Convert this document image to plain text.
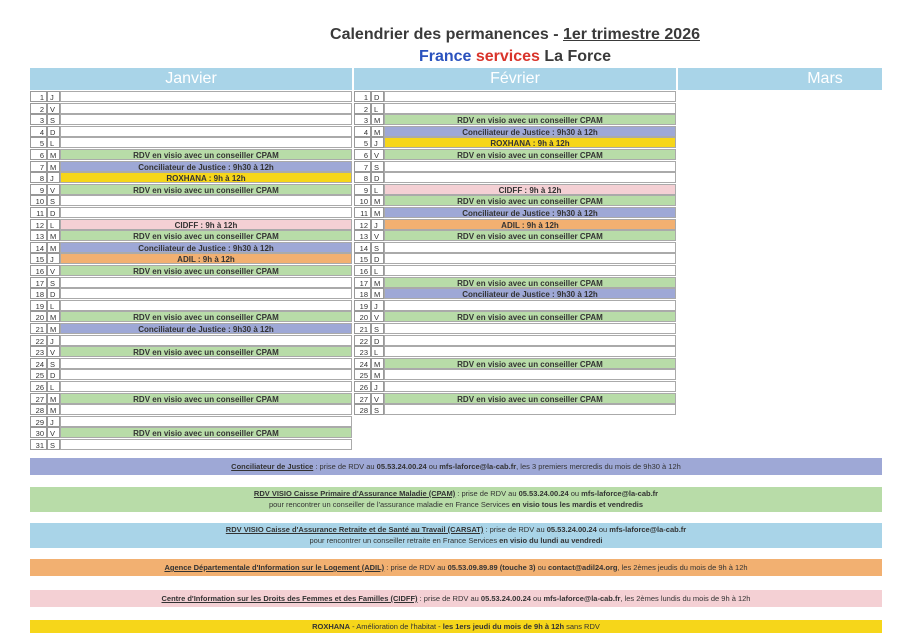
Calendrier des permanences - 1er trimestre 2026
France services La Force
Janvier	Février	Mars
1 J
2 V
3 S
4 D
5 L
6 M	RDV en visio avec un conseiller CPAM
7 M	Conciliateur de Justice : 9h30 à 12h
8 J	ROXHANA : 9h à 12h
9 V	RDV en visio avec un conseiller CPAM
10 S
11 D
12 L	CIDFF : 9h à 12h
13 M	RDV en visio avec un conseiller CPAM
14 M	Conciliateur de Justice : 9h30 à 12h
15 J	ADIL : 9h à 12h
16 V	RDV en visio avec un conseiller CPAM
17 S
18 D
19 L
20 M	RDV en visio avec un conseiller CPAM
21 M	Conciliateur de Justice : 9h30 à 12h
22 J
23 V	RDV en visio avec un conseiller CPAM
24 S
25 D
26 L
27 M	RDV en visio avec un conseiller CPAM
28 M
29 J
30 V	RDV en visio avec un conseiller CPAM
31 S
1 D
2 L
3 M	RDV en visio avec un conseiller CPAM
4 M	Conciliateur de Justice : 9h30 à 12h
5 J	ROXHANA : 9h à 12h
6 V	RDV en visio avec un conseiller CPAM
7 S
8 D
9 L	CIDFF : 9h à 12h
10 M	RDV en visio avec un conseiller CPAM
11 M	Conciliateur de Justice : 9h30 à 12h
12 J	ADIL : 9h à 12h
13 V	RDV en visio avec un conseiller CPAM
14 S
15 D
16 L
17 M	RDV en visio avec un conseiller CPAM
18 M	Conciliateur de Justice : 9h30 à 12h
19 J
20 V	RDV en visio avec un conseiller CPAM
21 S
22 D
23 L
24 M	RDV en visio avec un conseiller CPAM
25 M
26 J
27 V	RDV en visio avec un conseiller CPAM
28 S
Conciliateur de Justice : prise de RDV au 05.53.24.00.24 ou mfs-laforce@la-cab.fr, les 3 premiers mercredis du mois de 9h30 à 12h
RDV VISIO Caisse Primaire d'Assurance Maladie (CPAM) : prise de RDV au 05.53.24.00.24 ou mfs-laforce@la-cab.fr
pour rencontrer un conseiller de l'assurance maladie en France Services en visio tous les mardis et vendredis
RDV VISIO Caisse d'Assurance Retraite et de Santé au Travail (CARSAT) : prise de RDV au 05.53.24.00.24 ou mfs-laforce@la-cab.fr
pour rencontrer un conseiller retraite en France Services en visio du lundi au vendredi
Agence Départementale d'Information sur le Logement (ADIL) : prise de RDV au 05.53.09.89.89 (touche 3) ou contact@adil24.org, les 2èmes jeudis du mois de 9h à 12h
Centre d'Information sur les Droits des Femmes et des Familles (CIDFF) : prise de RDV au 05.53.24.00.24 ou mfs-laforce@la-cab.fr, les 2èmes lundis du mois de 9h à 12h
ROXHANA - Amélioration de l'habitat - les 1ers jeudi du mois de 9h à 12h sans RDV
